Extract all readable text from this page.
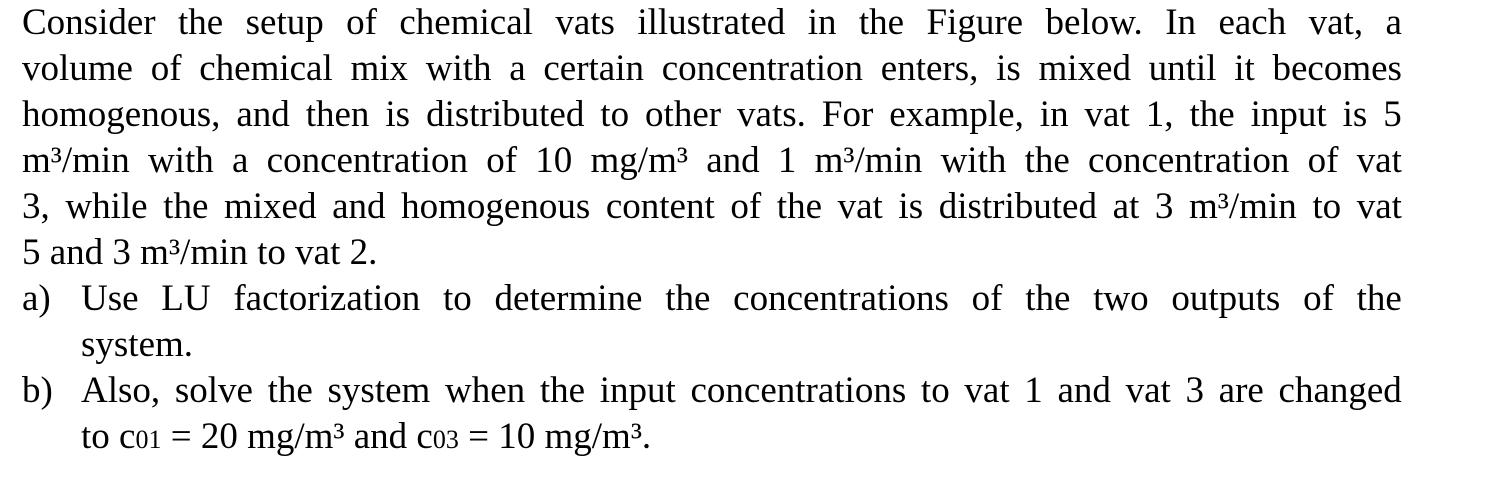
Consider the setup of chemical vats illustrated in the Figure below. In each vat, a
volume of chemical mix with a certain concentration enters, is mixed until it becomes
homogenous, and then is distributed to other vats. For example, in vat 1, the input is 5
m³/min with a concentration of 10 mg/m³ and 1 m³/min with the concentration of vat
3, while the mixed and homogenous content of the vat is distributed at 3 m³/min to vat
5 and 3 m³/min to vat 2.
a) Use LU factorization to determine the concentrations of the two outputs of the
system.
b) Also, solve the system when the input concentrations to vat 1 and vat 3 are changed
to c01 = 20 mg/m³ and c03 = 10 mg/m³.
